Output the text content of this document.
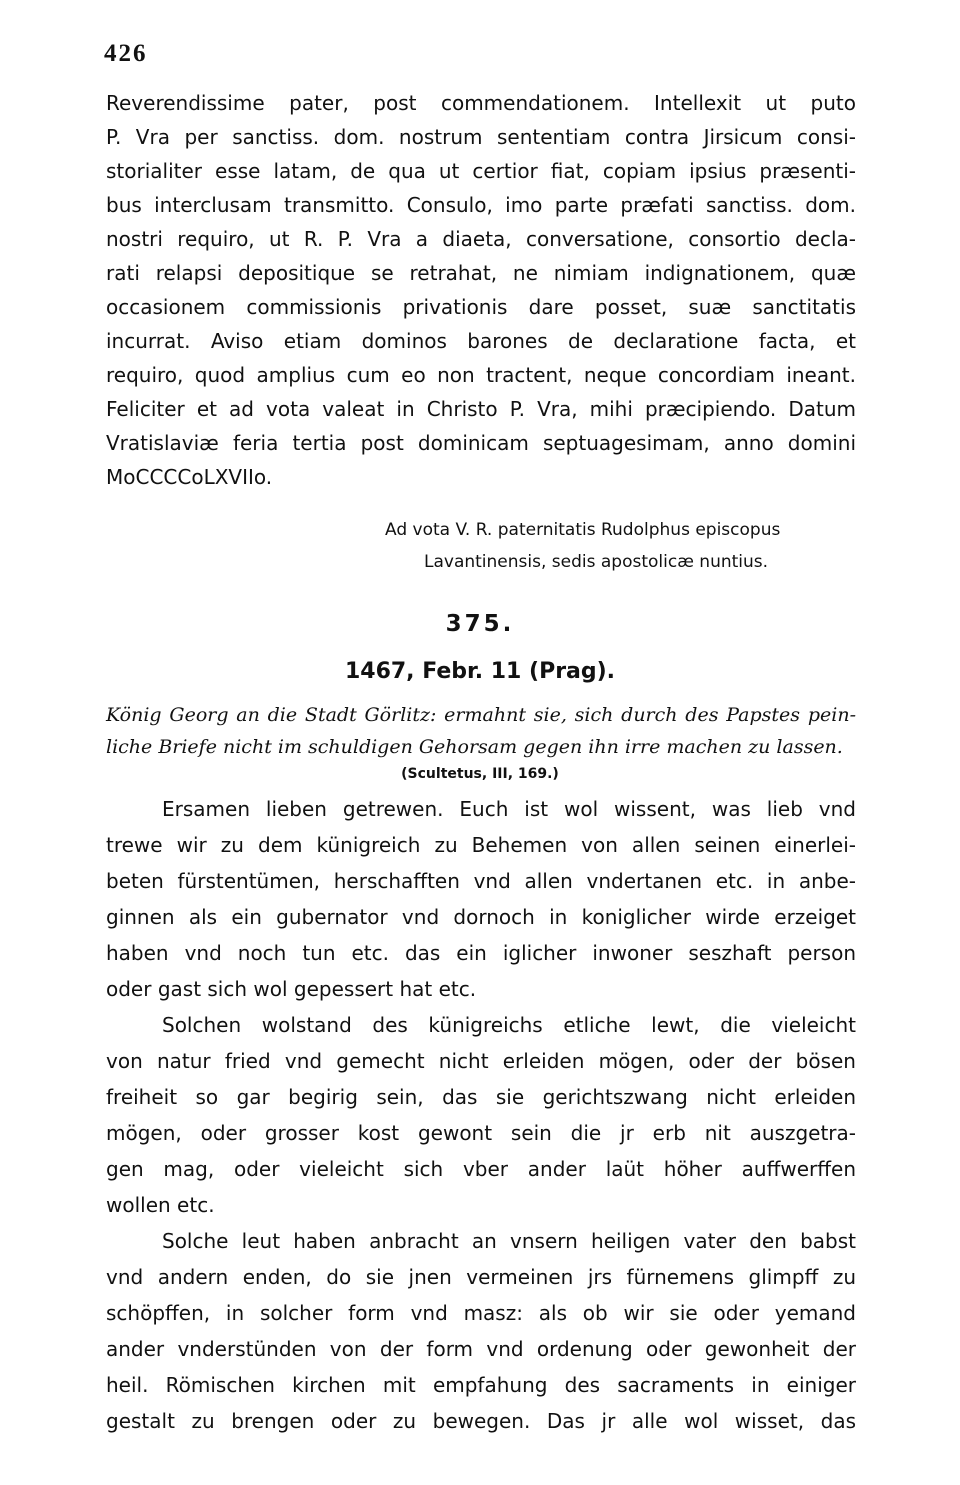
426
Reverendissime pater, post commendationem. Intellexit ut puto
P. Vra per sanctiss. dom. nostrum sententiam contra Jirsicum consi-
storialiter esse latam, de qua ut certior fiat, copiam ipsius præsenti-
bus interclusam transmitto. Consulo, imo parte præfati sanctiss. dom.
nostri requiro, ut R. P. Vra a diaeta, conversatione, consortio decla-
rati relapsi depositique se retrahat, ne nimiam indignationem, quæ
occasionem commissionis privationis dare posset, suæ sanctitatis
incurrat. Aviso etiam dominos barones de declaratione facta, et
requiro, quod amplius cum eo non tractent, neque concordiam ineant.
Feliciter et ad vota valeat in Christo P. Vra, mihi præcipiendo. Datum
Vratislaviæ feria tertia post dominicam septuagesimam, anno domini
MoCCCCoLXVIIo.
Ad vota V. R. paternitatis Rudolphus episcopus
Lavantinensis, sedis apostolicæ nuntius.
375.
1467, Febr. 11 (Prag).
König Georg an die Stadt Görlitz: ermahnt sie, sich durch des Papstes pein-
liche Briefe nicht im schuldigen Gehorsam gegen ihn irre machen zu lassen.
(Scultetus, III, 169.)
Ersamen lieben getrewen. Euch ist wol wissent, was lieb vnd
trewe wir zu dem künigreich zu Behemen von allen seinen einerlei-
beten fürstentümen, herschafften vnd allen vndertanen etc. in anbe-
ginnen als ein gubernator vnd dornoch in koniglicher wirde erzeiget
haben vnd noch tun etc. das ein iglicher inwoner seszhaft person
oder gast sich wol gepessert hat etc.
Solchen wolstand des künigreichs etliche lewt, die vieleicht
von natur fried vnd gemecht nicht erleiden mögen, oder der bösen
freiheit so gar begirig sein, das sie gerichtszwang nicht erleiden
mögen, oder grosser kost gewont sein die jr erb nit auszgetra-
gen mag, oder vieleicht sich vber ander laüt höher auffwerffen
wollen etc.
Solche leut haben anbracht an vnsern heiligen vater den babst
vnd andern enden, do sie jnen vermeinen jrs fürnemens glimpff zu
schöpffen, in solcher form vnd masz: als ob wir sie oder yemand
ander vnderstünden von der form vnd ordenung oder gewonheit der
heil. Römischen kirchen mit empfahung des sacraments in einiger
gestalt zu brengen oder zu bewegen. Das jr alle wol wisset, das
